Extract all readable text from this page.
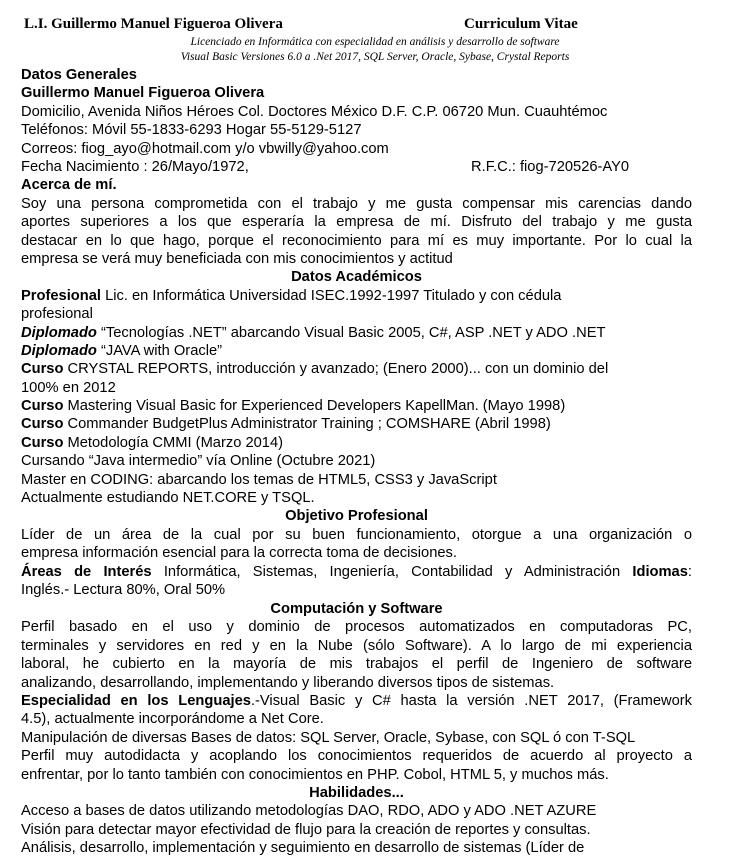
L.I. Guillermo Manuel Figueroa Olivera	Curriculum Vitae
Licenciado en Informática con especialidad en análisis y desarrollo de software
Visual Basic Versiones 6.0 a .Net 2017, SQL Server, Oracle, Sybase, Crystal Reports
Datos Generales
Guillermo Manuel Figueroa Olivera
Domicilio, Avenida Niños Héroes Col. Doctores México D.F. C.P. 06720 Mun. Cuauhtémoc
Teléfonos: Móvil 55-1833-6293 Hogar 55-5129-5127
Correos: fiog_ayo@hotmail.com y/o vbwilly@yahoo.com
Fecha Nacimiento : 26/Mayo/1972,	R.F.C.: fiog-720526-AY0
Acerca de mí.
Soy una persona comprometida con el trabajo y me gusta compensar mis carencias dando
aportes superiores a los que esperaría la empresa de mí. Disfruto del trabajo y me gusta
destacar en lo que hago, porque el reconocimiento para mí es muy importante. Por lo cual la
empresa se verá muy beneficiada con mis conocimientos y actitud
Datos Académicos
Profesional Lic. en Informática Universidad ISEC.1992-1997 Titulado y con cédula
profesional
Diplomado “Tecnologías .NET” abarcando Visual Basic 2005, C#, ASP .NET y ADO .NET
Diplomado “JAVA with Oracle”
Curso CRYSTAL REPORTS, introducción y avanzado; (Enero 2000)... con un dominio del
100% en 2012
Curso Mastering Visual Basic for Experienced Developers KapellMan. (Mayo 1998)
Curso Commander BudgetPlus Administrator Training ; COMSHARE (Abril 1998)
Curso Metodología CMMI (Marzo 2014)
Cursando “Java intermedio” vía Online (Octubre 2021)
Master en CODING: abarcando los temas de HTML5, CSS3 y JavaScript
Actualmente estudiando NET.CORE y TSQL.
Objetivo Profesional
Líder de un área de la cual por su buen funcionamiento, otorgue a una organización o
empresa información esencial para la correcta toma de decisiones.
Áreas de Interés Informática, Sistemas, Ingeniería, Contabilidad y Administración Idiomas:
Inglés.- Lectura 80%, Oral 50%
Computación y Software
Perfil basado en el uso y dominio de procesos automatizados en computadoras PC,
terminales y servidores en red y en la Nube (sólo Software). A lo largo de mi experiencia
laboral, he cubierto en la mayoría de mis trabajos el perfil de Ingeniero de software
analizando, desarrollando, implementando y liberando diversos tipos de sistemas.
Especialidad en los Lenguajes.-Visual Basic y C# hasta la versión .NET 2017, (Framework
4.5), actualmente incorporándome a Net Core.
Manipulación de diversas Bases de datos: SQL Server, Oracle, Sybase, con SQL ó con T-SQL
Perfil muy autodidacta y acoplando los conocimientos requeridos de acuerdo al proyecto a
enfrentar, por lo tanto también con conocimientos en PHP. Cobol, HTML 5, y muchos más.
Habilidades...
Acceso a bases de datos utilizando metodologías DAO, RDO, ADO y ADO .NET AZURE
Visión para detectar mayor efectividad de flujo para la creación de reportes y consultas.
Análisis, desarrollo, implementación y seguimiento en desarrollo de sistemas (Líder de
